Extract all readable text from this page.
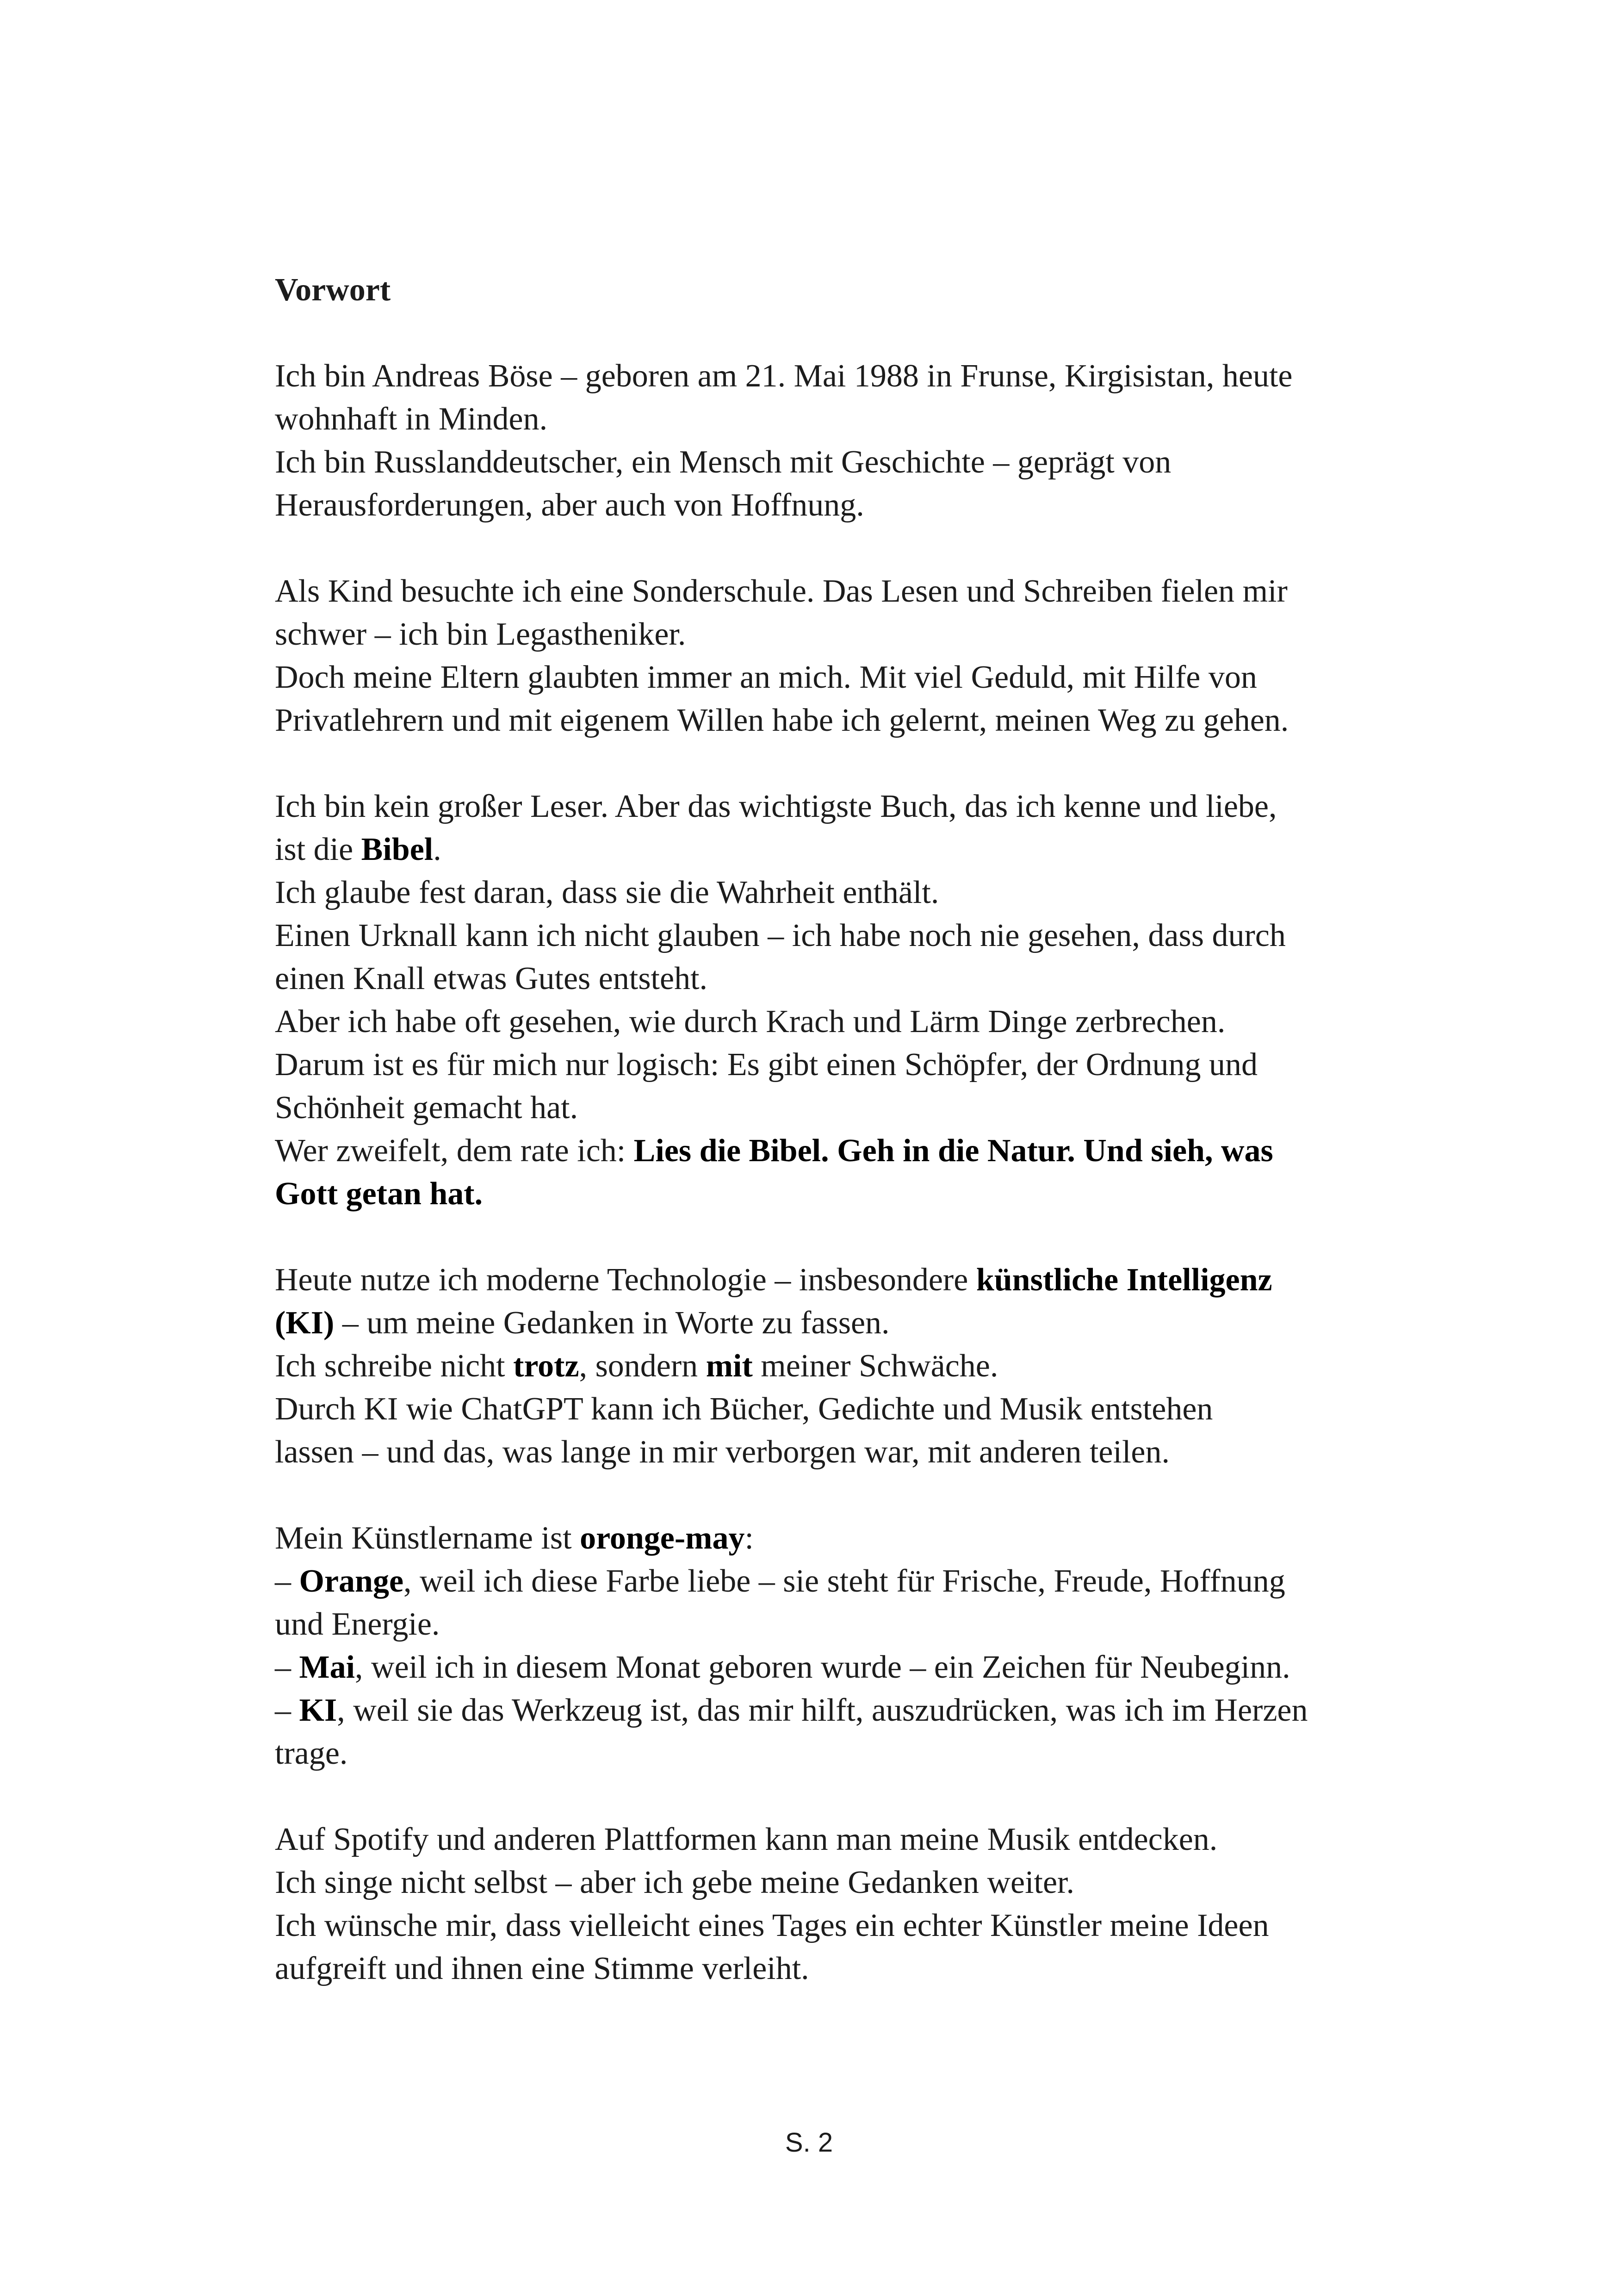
Vorwort
Ich bin Andreas Böse – geboren am 21. Mai 1988 in Frunse, Kirgisistan, heute
wohnhaft in Minden.
Ich bin Russlanddeutscher, ein Mensch mit Geschichte – geprägt von
Herausforderungen, aber auch von Hoffnung.
Als Kind besuchte ich eine Sonderschule. Das Lesen und Schreiben fielen mir
schwer – ich bin Legastheniker.
Doch meine Eltern glaubten immer an mich. Mit viel Geduld, mit Hilfe von
Privatlehrern und mit eigenem Willen habe ich gelernt, meinen Weg zu gehen.
Ich bin kein großer Leser. Aber das wichtigste Buch, das ich kenne und liebe,
ist die Bibel.
Ich glaube fest daran, dass sie die Wahrheit enthält.
Einen Urknall kann ich nicht glauben – ich habe noch nie gesehen, dass durch
einen Knall etwas Gutes entsteht.
Aber ich habe oft gesehen, wie durch Krach und Lärm Dinge zerbrechen.
Darum ist es für mich nur logisch: Es gibt einen Schöpfer, der Ordnung und
Schönheit gemacht hat.
Wer zweifelt, dem rate ich: Lies die Bibel. Geh in die Natur. Und sieh, was
Gott getan hat.
Heute nutze ich moderne Technologie – insbesondere künstliche Intelligenz
(KI) – um meine Gedanken in Worte zu fassen.
Ich schreibe nicht trotz, sondern mit meiner Schwäche.
Durch KI wie ChatGPT kann ich Bücher, Gedichte und Musik entstehen
lassen – und das, was lange in mir verborgen war, mit anderen teilen.
Mein Künstlername ist oronge-may:
– Orange, weil ich diese Farbe liebe – sie steht für Frische, Freude, Hoffnung
und Energie.
– Mai, weil ich in diesem Monat geboren wurde – ein Zeichen für Neubeginn.
– KI, weil sie das Werkzeug ist, das mir hilft, auszudrücken, was ich im Herzen
trage.
Auf Spotify und anderen Plattformen kann man meine Musik entdecken.
Ich singe nicht selbst – aber ich gebe meine Gedanken weiter.
Ich wünsche mir, dass vielleicht eines Tages ein echter Künstler meine Ideen
aufgreift und ihnen eine Stimme verleiht.
S. 2
